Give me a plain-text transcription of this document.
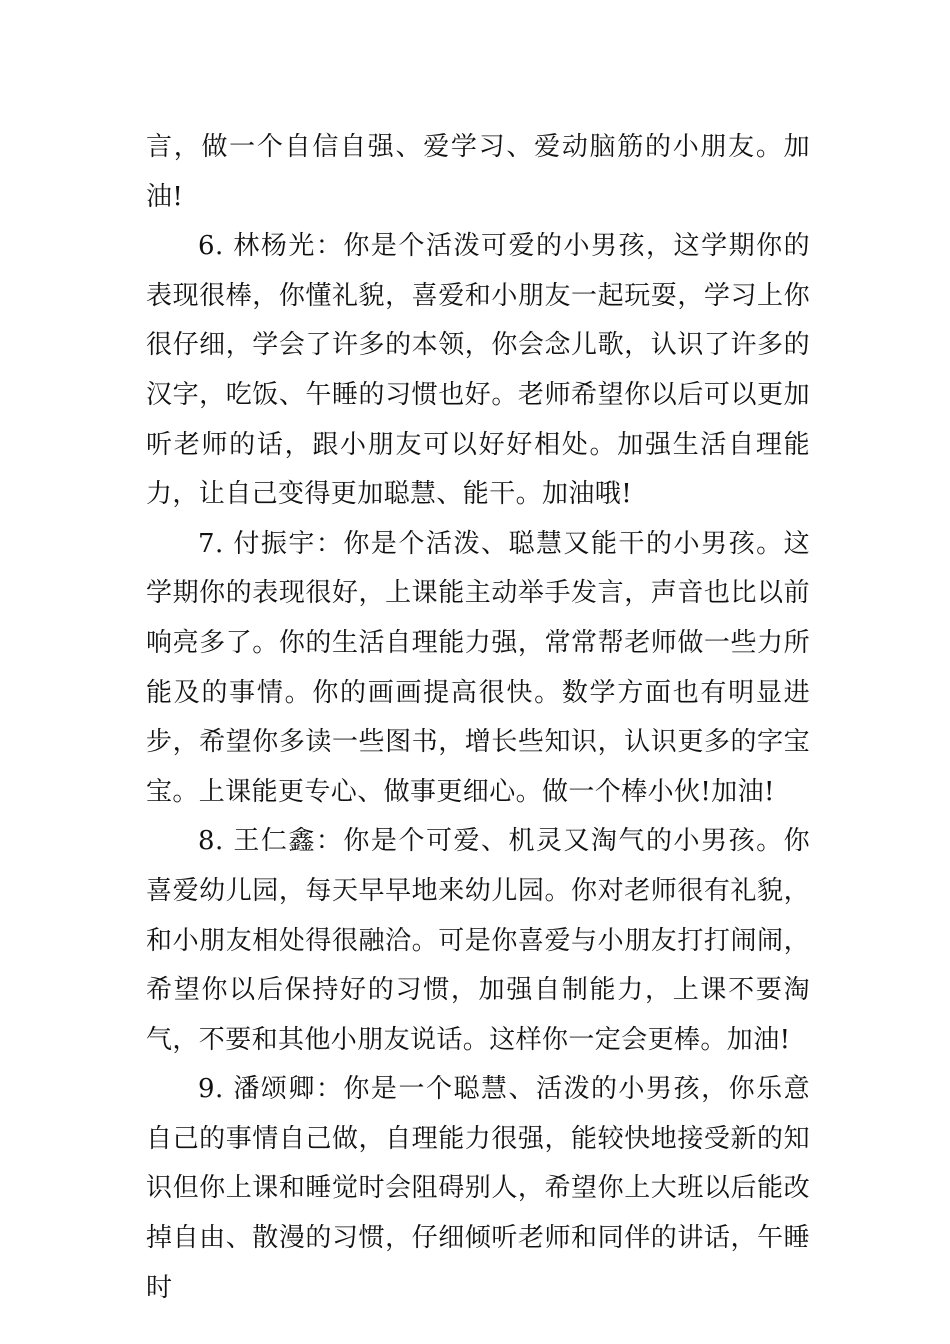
言，做一个自信自强、爱学习、爱动脑筋的小朋友。加油!

6. 林杨光：你是个活泼可爱的小男孩，这学期你的表现很棒，你懂礼貌，喜爱和小朋友一起玩耍，学习上你很仔细，学会了许多的本领，你会念儿歌，认识了许多的汉字，吃饭、午睡的习惯也好。老师希望你以后可以更加听老师的话，跟小朋友可以好好相处。加强生活自理能力，让自己变得更加聪慧、能干。加油哦!

7. 付振宇：你是个活泼、聪慧又能干的小男孩。这学期你的表现很好，上课能主动举手发言，声音也比以前响亮多了。你的生活自理能力强，常常帮老师做一些力所能及的事情。你的画画提高很快。数学方面也有明显进步，希望你多读一些图书，增长些知识，认识更多的字宝宝。上课能更专心、做事更细心。做一个棒小伙!加油!

8. 王仁鑫：你是个可爱、机灵又淘气的小男孩。你喜爱幼儿园，每天早早地来幼儿园。你对老师很有礼貌，和小朋友相处得很融洽。可是你喜爱与小朋友打打闹闹，希望你以后保持好的习惯，加强自制能力，上课不要淘气，不要和其他小朋友说话。这样你一定会更棒。加油!

9. 潘颂卿：你是一个聪慧、活泼的小男孩，你乐意自己的事情自己做，自理能力很强，能较快地接受新的知识但你上课和睡觉时会阻碍别人，希望你上大班以后能改掉自由、散漫的习惯，仔细倾听老师和同伴的讲话，午睡时
